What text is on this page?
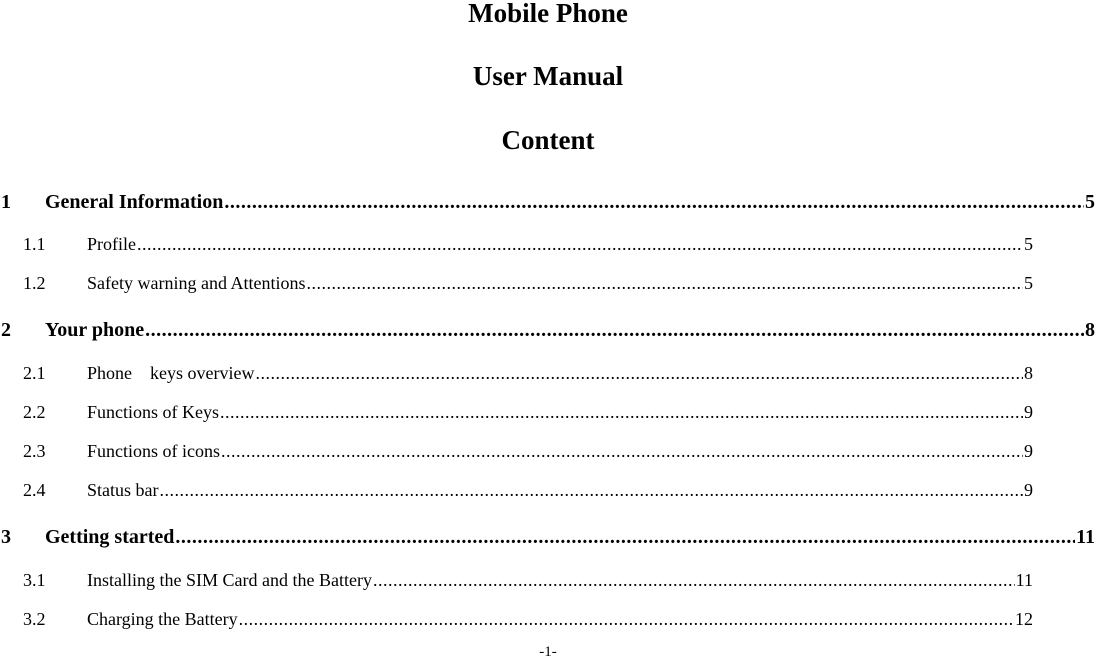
Mobile Phone
User Manual
Content
1	General Information .....	5
1.1	Profile .....	5
1.2	Safety warning and Attentions .....	5
2	Your phone .....	8
2.1	Phone    keys overview .....	8
2.2	Functions of Keys .....	9
2.3	Functions of icons .....	9
2.4	Status bar .....	9
3	Getting started .....	11
3.1	Installing the SIM Card and the Battery .....	11
3.2	Charging the Battery .....	12
-1-
